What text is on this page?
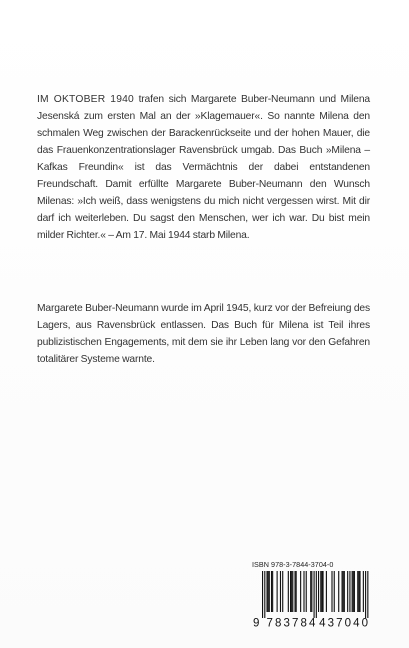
IM OKTOBER 1940 trafen sich Margarete Buber-Neumann und Milena Jesenská zum ersten Mal an der »Klagemauer«. So nannte Milena den schmalen Weg zwischen der Barackenrückseite und der hohen Mauer, die das Frauenkonzentrationslager Ravensbrück umgab. Das Buch »Milena – Kafkas Freundin« ist das Vermächtnis der dabei entstandenen Freundschaft. Damit erfüllte Margarete Buber-Neumann den Wunsch Milenas: »Ich weiß, dass wenigstens du mich nicht vergessen wirst. Mit dir darf ich weiterleben. Du sagst den Menschen, wer ich war. Du bist mein milder Richter.« – Am 17. Mai 1944 starb Milena.
Margarete Buber-Neumann wurde im April 1945, kurz vor der Befreiung des Lagers, aus Ravensbrück entlassen. Das Buch für Milena ist Teil ihres publizistischen Engagements, mit dem sie ihr Leben lang vor den Gefahren totalitärer Systeme warnte.
ISBN 978-3-7844-3704-0
9 783784 437040
